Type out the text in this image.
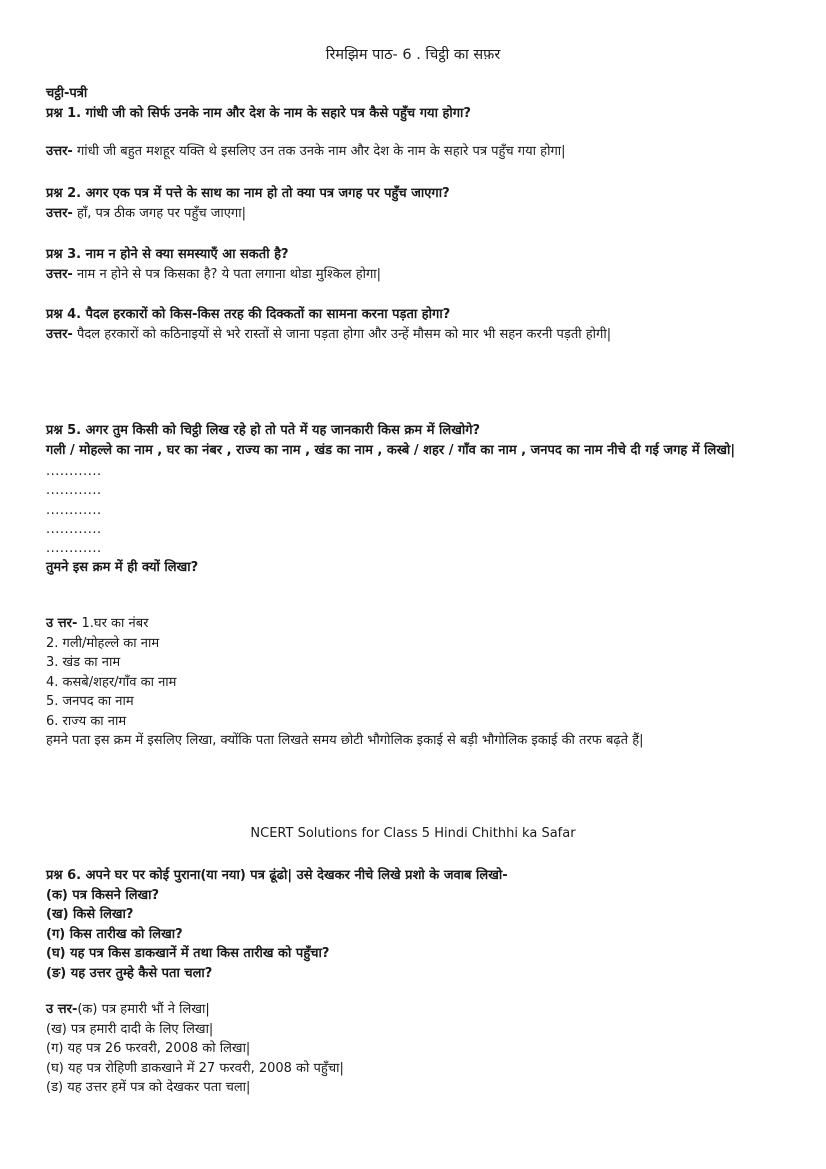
रिमझिम पाठ- 6 . चिट्ठी का सफ़र
चट्ठी-पत्री
प्रश्न 1. गांधी जी को सिर्फ उनके नाम और देश के नाम के सहारे पत्र कैसे पहुँच गया होगा?
उत्तर- गांधी जी बहुत मशहूर यक्ति थे इसलिए उन तक उनके नाम और देश के नाम के सहारे पत्र पहुँच गया होगा|
प्रश्न 2. अगर एक पत्र में पत्ते के साथ का नाम हो तो क्या पत्र जगह पर पहुँच जाएगा?
उत्तर- हाँ, पत्र ठीक जगह पर पहुँच जाएगा|
प्रश्न 3. नाम न होने से क्या समस्याएँ आ सकती है?
उत्तर- नाम न होने से पत्र किसका है? ये पता लगाना थोडा मुश्किल होगा|
प्रश्न 4. पैदल हरकारों को किस-किस तरह की दिक्कतों का सामना करना पड़ता होगा?
उत्तर- पैदल हरकारों को कठिनाइयों से भरे रास्तों से जाना पड़ता होगा और उन्हें मौसम को मार भी सहन करनी पड़ती होगी|
प्रश्न 5. अगर तुम किसी को चिट्ठी लिख रहे हो तो पते में यह जानकारी किस क्रम में लिखोगे?
गली / मोहल्ले का नाम , घर का नंबर , राज्य का नाम , खंड का नाम , कस्बे / शहर / गाँव का नाम , जनपद का नाम नीचे दी गई जगह में लिखो|
............
............
............
............
............
तुमने इस क्रम में ही क्यों लिखा?
उ त्तर- 1.घर का नंबर
2. गली/मोहल्ले का नाम
3. खंड का नाम
4. कसबे/शहर/गाँव का नाम
5. जनपद का नाम
6. राज्य का नाम
हमने पता इस क्रम में इसलिए लिखा, क्योंकि पता लिखते समय छोटी भौगोलिक इकाई से बड़ी भौगोलिक इकाई की तरफ बढ़ते हैं|
NCERT Solutions for Class 5 Hindi Chithhi ka Safar
प्रश्न 6. अपने घर पर कोई पुराना(या नया) पत्र ढूंढो| उसे देखकर नीचे लिखे प्रशो के जवाब लिखो-
(क) पत्र किसने लिखा?
(ख) किसे लिखा?
(ग) किस तारीख को लिखा?
(घ) यह पत्र किस डाकखानें में तथा किस तारीख को पहुँचा?
(ङ) यह उत्तर तुम्हे कैसे पता चला?
उ त्तर-(क) पत्र हमारी भौं ने लिखा|
(ख) पत्र हमारी दादी के लिए लिखा|
(ग) यह पत्र 26 फरवरी, 2008 को लिखा|
(घ) यह पत्र रोहिणी डाकखाने में 27 फरवरी, 2008 को पहुँचा|
(ड) यह उत्तर हमें पत्र को देखकर पता चला|
